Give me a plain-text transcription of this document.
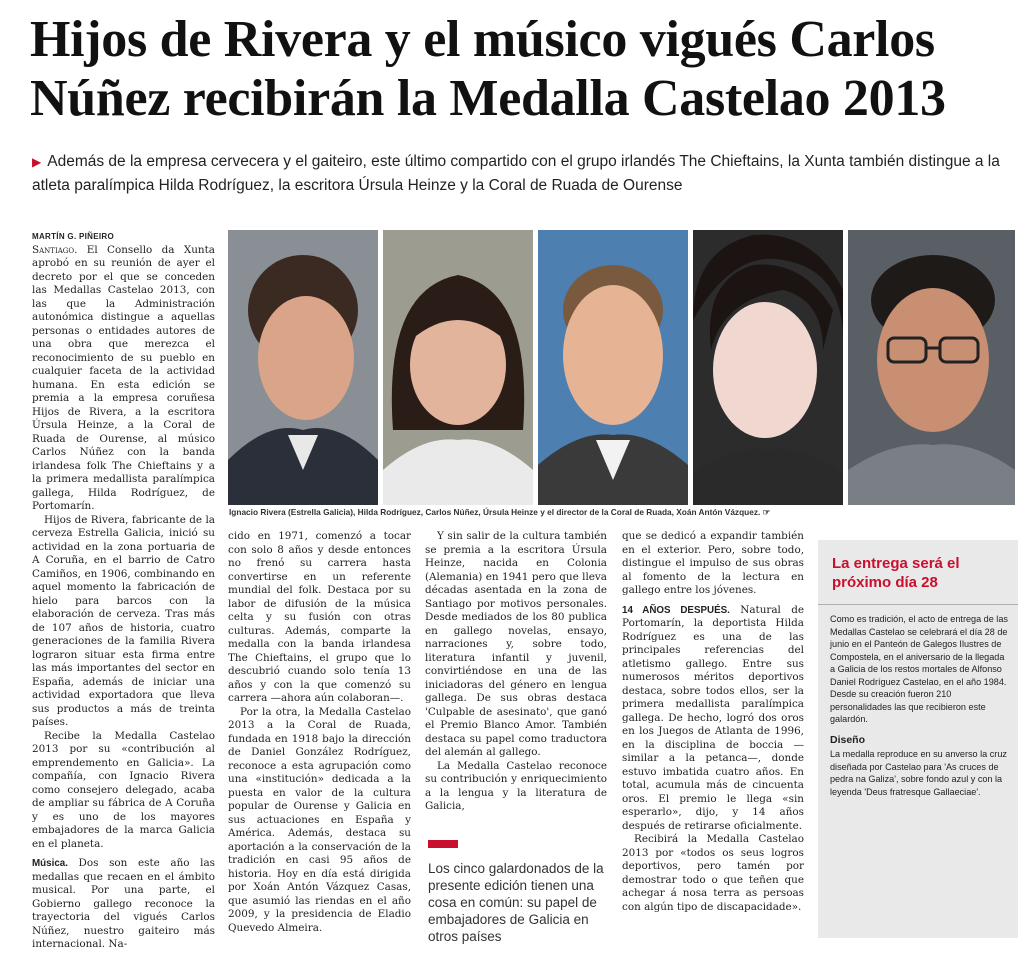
Hijos de Rivera y el músico vigués Carlos Núñez recibirán la Medalla Castelao 2013

▶ Además de la empresa cervecera y el gaiteiro, este último compartido con el grupo irlandés The Chieftains, la Xunta también distingue a la atleta paralímpica Hilda Rodríguez, la escritora Úrsula Heinze y la Coral de Ruada de Ourense

MARTÍN G. PIÑEIRO

Santiago. El Consello da Xunta aprobó en su reunión de ayer el decreto por el que se conceden las Medallas Castelao 2013, con las que la Administración autonómica distingue a aquellas personas o entidades autores de una obra que merezca el reconocimiento de su pueblo en cualquier faceta de la actividad humana. En esta edición se premia a la empresa coruñesa Hijos de Rivera, a la escritora Úrsula Heinze, a la Coral de Ruada de Ourense, al músico Carlos Núñez con la banda irlandesa folk The Chieftains y a la primera medallista paralímpica gallega, Hilda Rodríguez, de Portomarín.

Hijos de Rivera, fabricante de la cerveza Estrella Galicia, inició su actividad en la zona portuaria de A Coruña, en el barrio de Catro Camiños, en 1906, combinando en aquel momento la fabricación de hielo para barcos con la elaboración de cerveza. Tras más de 107 años de historia, cuatro generaciones de la familia Rivera lograron situar esta firma entre las más importantes del sector en España, además de iniciar una actividad exportadora que lleva sus productos a más de treinta países.

Recibe la Medalla Castelao 2013 por su «contribución al emprendemento en Galicia». La compañía, con Ignacio Rivera como consejero delegado, acaba de ampliar su fábrica de A Coruña y es uno de los mayores embajadores de la marca Galicia en el planeta.

Música. Dos son este año las medallas que recaen en el ámbito musical. Por una parte, el Gobierno gallego reconoce la trayectoria del vigués Carlos Núñez, nuestro gaiteiro más internacional. Na-

Ignacio Rivera (Estrella Galicia), Hilda Rodríguez, Carlos Núñez, Úrsula Heinze y el director de la Coral de Ruada, Xoán Antón Vázquez. ☞

cido en 1971, comenzó a tocar con solo 8 años y desde entonces no frenó su carrera hasta convertirse en un referente mundial del folk. Destaca por su labor de difusión de la música celta y su fusión con otras culturas. Además, comparte la medalla con la banda irlandesa The Chieftains, el grupo que lo descubrió cuando solo tenía 13 años y con la que comenzó su carrera —ahora aún colaboran—.

Por la otra, la Medalla Castelao 2013 a la Coral de Ruada, fundada en 1918 bajo la dirección de Daniel González Rodríguez, reconoce a esta agrupación como una «institución» dedicada a la puesta en valor de la cultura popular de Ourense y Galicia en sus actuaciones en España y América. Además, destaca su aportación a la conservación de la tradición en casi 95 años de historia. Hoy en día está dirigida por Xoán Antón Vázquez Casas, que asumió las riendas en el año 2009, y la presidencia de Eladio Quevedo Almeira.

Y sin salir de la cultura también se premia a la escritora Úrsula Heinze, nacida en Colonia (Alemania) en 1941 pero que lleva décadas asentada en la zona de Santiago por motivos personales. Desde mediados de los 80 publica en gallego novelas, ensayo, narraciones y, sobre todo, literatura infantil y juvenil, convirtiéndose en una de las iniciadoras del género en lengua gallega. De sus obras destaca 'Culpable de asesinato', que ganó el Premio Blanco Amor. También destaca su papel como traductora del alemán al gallego.

La Medalla Castelao reconoce su contribución y enriquecimiento a la lengua y la literatura de Galicia,

Los cinco galardonados de la presente edición tienen una cosa en común: su papel de embajadores de Galicia en otros países

que se dedicó a expandir también en el exterior. Pero, sobre todo, distingue el impulso de sus obras al fomento de la lectura en gallego entre los jóvenes.

14 AÑOS DESPUÉS. Natural de Portomarín, la deportista Hilda Rodríguez es una de las principales referencias del atletismo gallego. Entre sus numerosos méritos deportivos destaca, sobre todos ellos, ser la primera medallista paralímpica gallega. De hecho, logró dos oros en los Juegos de Atlanta de 1996, en la disciplina de boccia —similar a la petanca—, donde estuvo imbatida cuatro años. En total, acumula más de cincuenta oros. El premio le llega «sin esperarlo», dijo, y 14 años después de retirarse oficialmente.

Recibirá la Medalla Castelao 2013 por «todos os seus logros deportivos, pero tamén por demostrar todo o que teñen que achegar á nosa terra as persoas con algún tipo de discapacidade».

La entrega será el próximo día 28

Como es tradición, el acto de entrega de las Medallas Castelao se celebrará el día 28 de junio en el Panteón de Galegos Ilustres de Compostela, en el aniversario de la llegada a Galicia de los restos mortales de Alfonso Daniel Rodríguez Castelao, en el año 1984. Desde su creación fueron 210 personalidades las que recibieron este galardón.

Diseño

La medalla reproduce en su anverso la cruz diseñada por Castelao para 'As cruces de pedra na Galiza', sobre fondo azul y con la leyenda 'Deus fratresque Gallaeciae'.
